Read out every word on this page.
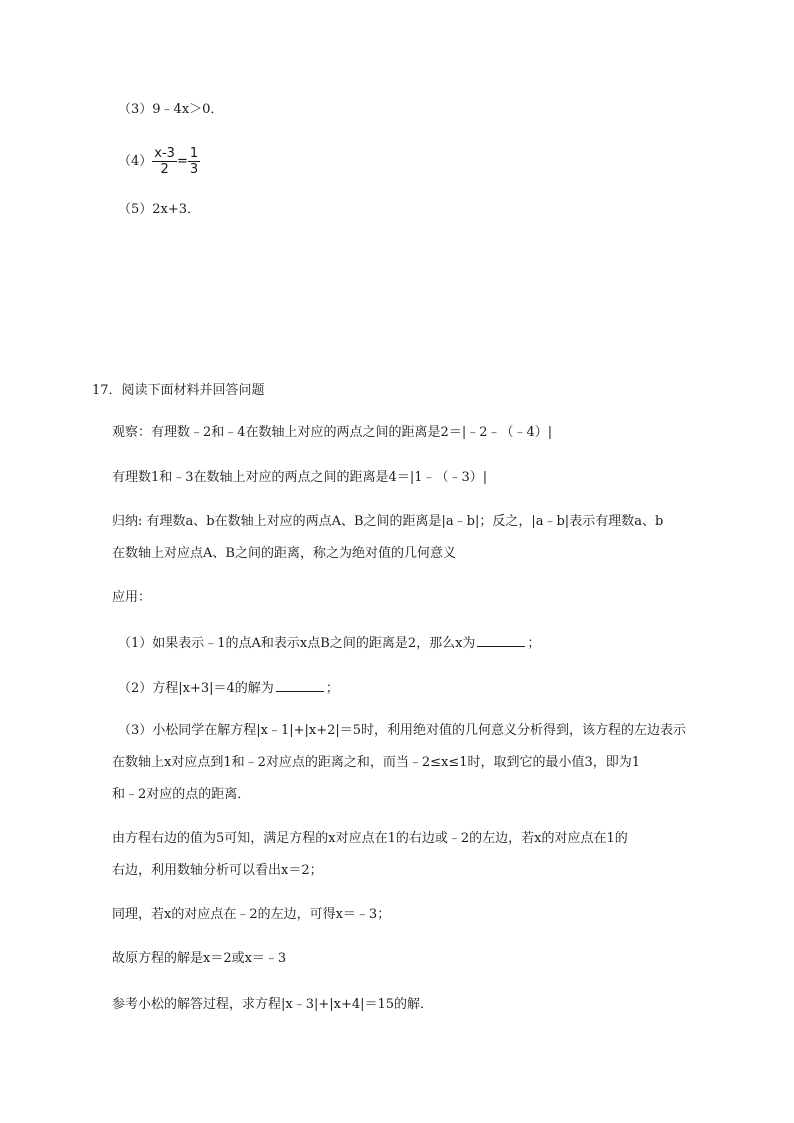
（3）9﹣4x＞0．
$(4) \frac{x-3}{2} = \frac{1}{3}$
（5）2x+3．
17．阅读下面材料并回答问题
观察：有理数﹣2和﹣4在数轴上对应的两点之间的距离是2＝|﹣2﹣（﹣4）|
有理数1和﹣3在数轴上对应的两点之间的距离是4＝|1﹣（﹣3）|
归纳: 有理数a、b在数轴上对应的两点A、B之间的距离是|a﹣b|；反之，|a﹣b|表示有理数a、b
在数轴上对应点A、B之间的距离，称之为绝对值的几何意义
应用：
（1）如果表示﹣1的点A和表示x点B之间的距离是2，那么x为	；
（2）方程|x+3|＝4的解为	；
（3）小松同学在解方程|x﹣1|+|x+2|＝5时，利用绝对值的几何意义分析得到，该方程的左边表示
在数轴上x对应点到1和﹣2对应点的距离之和，而当﹣2≤x≤1时，取到它的最小值3，即为1
和﹣2对应的点的距离．
由方程右边的值为5可知，满足方程的x对应点在1的右边或﹣2的左边，若x的对应点在1的
右边，利用数轴分析可以看出x＝2；
同理，若x的对应点在﹣2的左边，可得x＝﹣3；
故原方程的解是x＝2或x＝﹣3
参考小松的解答过程，求方程|x﹣3|+|x+4|＝15的解．
